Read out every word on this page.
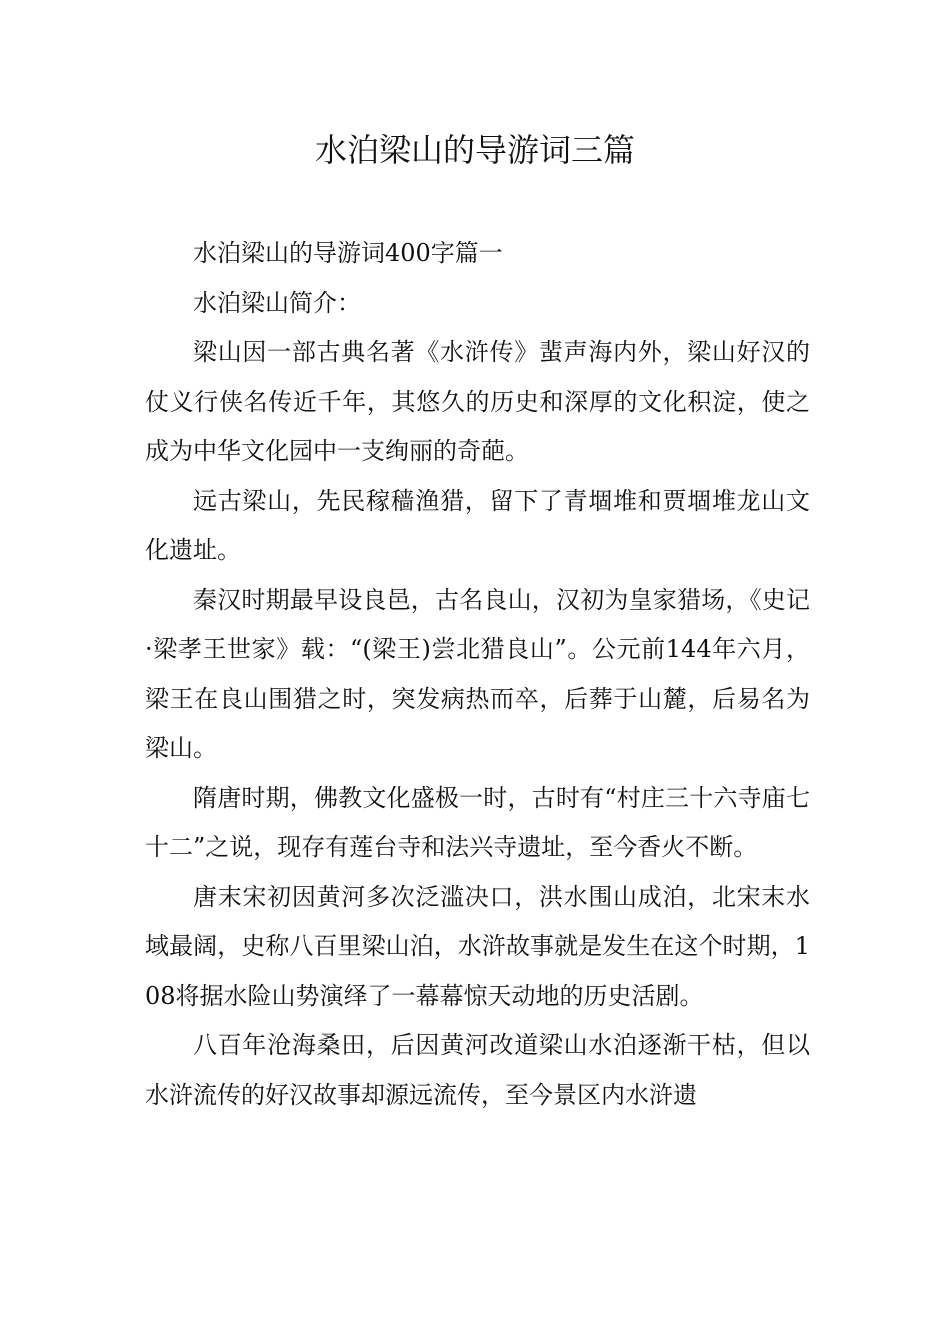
水泊梁山的导游词三篇

水泊梁山的导游词400字篇一

水泊梁山简介：

梁山因一部古典名著《水浒传》蜚声海内外，梁山好汉的仗义行侠名传近千年，其悠久的历史和深厚的文化积淀，使之成为中华文化园中一支绚丽的奇葩。

远古梁山，先民稼穑渔猎，留下了青堌堆和贾堌堆龙山文化遗址。

秦汉时期最早设良邑，古名良山，汉初为皇家猎场，《史记·梁孝王世家》载：“(梁王)尝北猎良山”。公元前144年六月，梁王在良山围猎之时，突发病热而卒，后葬于山麓，后易名为梁山。

隋唐时期，佛教文化盛极一时，古时有“村庄三十六寺庙七十二”之说，现存有莲台寺和法兴寺遗址，至今香火不断。

唐末宋初因黄河多次泛滥决口，洪水围山成泊，北宋末水域最阔，史称八百里梁山泊，水浒故事就是发生在这个时期，108将据水险山势演绎了一幕幕惊天动地的历史活剧。

八百年沧海桑田，后因黄河改道梁山水泊逐渐干枯，但以水浒流传的好汉故事却源远流传，至今景区内水浒遗
